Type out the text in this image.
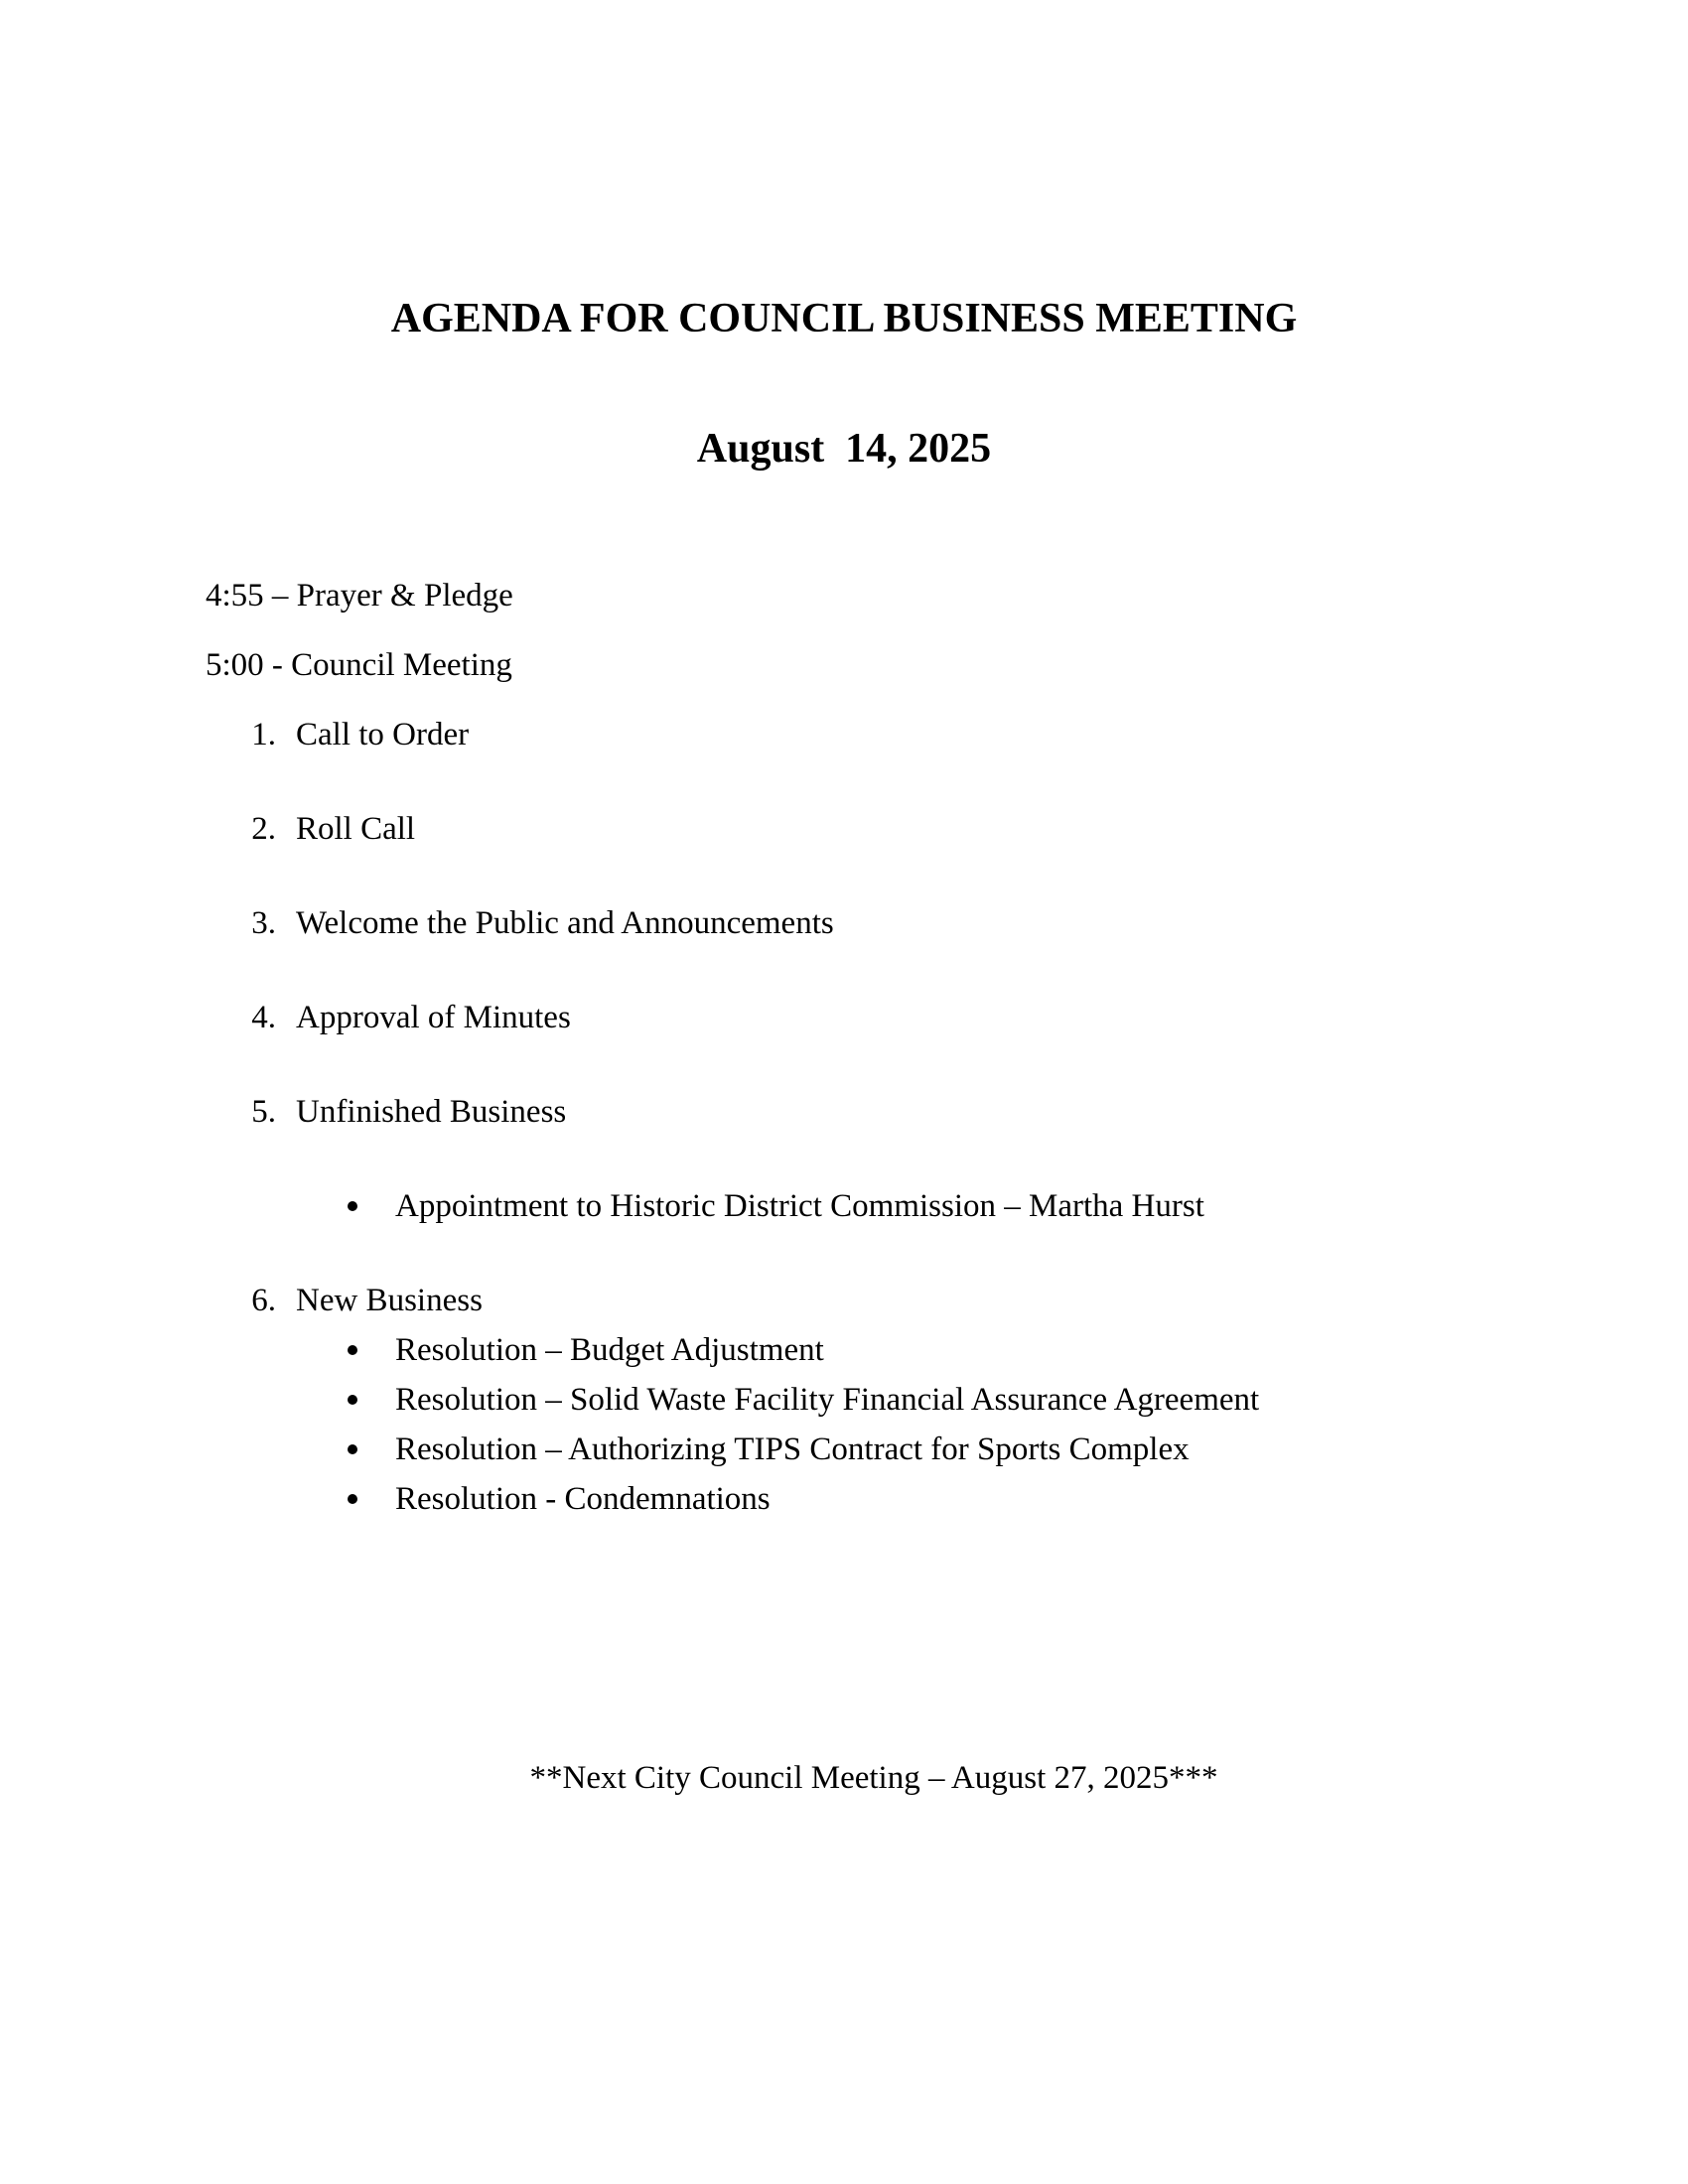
AGENDA FOR COUNCIL BUSINESS MEETING
August  14, 2025
4:55 – Prayer & Pledge
5:00 - Council Meeting
1. Call to Order
2. Roll Call
3. Welcome the Public and Announcements
4. Approval of Minutes
5. Unfinished Business
Appointment to Historic District Commission – Martha Hurst
6. New Business
Resolution – Budget Adjustment
Resolution – Solid Waste Facility Financial Assurance Agreement
Resolution – Authorizing TIPS Contract for Sports Complex
Resolution - Condemnations
**Next City Council Meeting – August 27, 2025***
